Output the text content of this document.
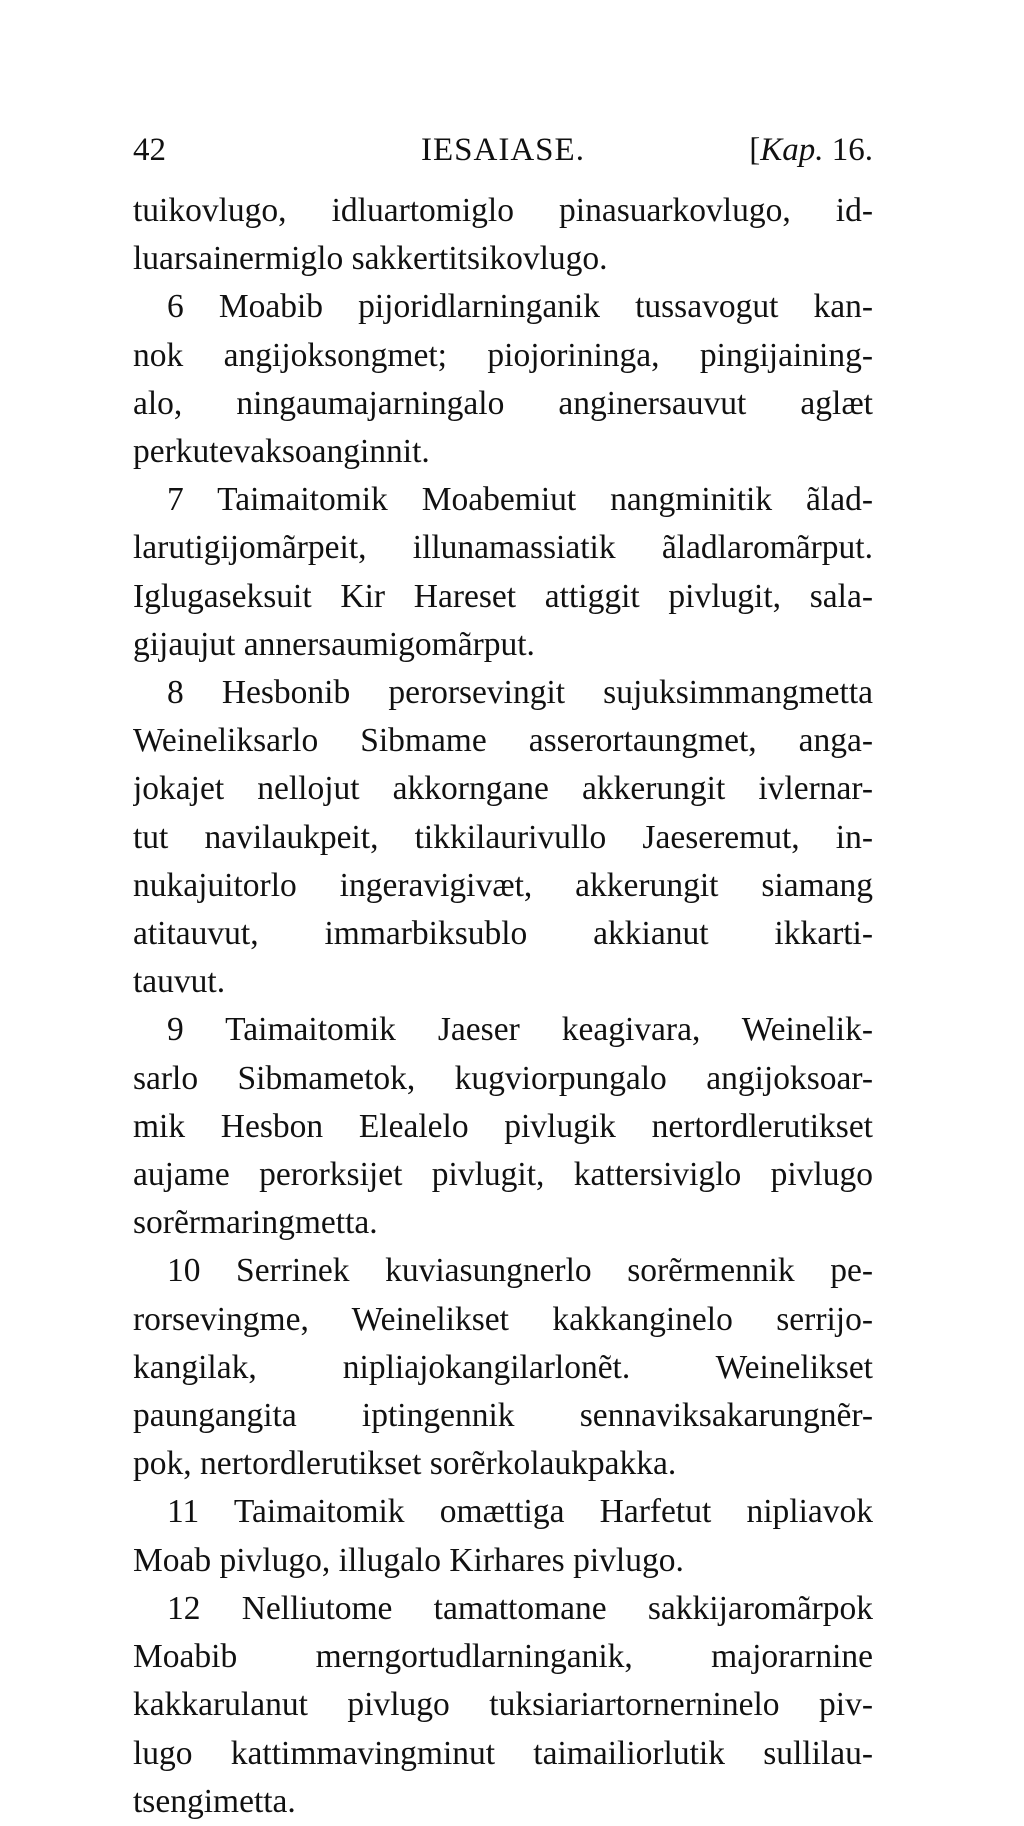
42	IESAIASE.	[Kap. 16.
tuikovlugo, idluartomiglo pinasuarkovlugo, id-
luarsainermiglo sakkertitsikovlugo.
6 Moabib pijoridlarninganik tussavogut kan-
nok angijoksongmet; piojorininga, pingijaining-
alo, ningaumajarningalo anginersauvut aglæt
perkutevaksoanginnit.
7 Taimaitomik Moabemiut nangminitik ãlad-
larutigijomãrpeit, illunamassiatik ãladlaromãrput.
Iglugaseksuit Kir Hareset attiggit pivlugit, sala-
gijaujut annersaumigomãrput.
8 Hesbonib perorsevingit sujuksimmangmetta
Weineliksarlo Sibmame asserortaungmet, anga-
jokajet nellojut akkorngane akkerungit ivlernar-
tut navilaukpeit, tikkilaurivullo Jaeseremut, in-
nukajuitorlo ingeravigivæt, akkerungit siamang
atitauvut, immarbiksublo akkianut ikkarti-
tauvut.
9 Taimaitomik Jaeser keagivara, Weinelik-
sarlo Sibmametok, kugviorpungalo angijoksoar-
mik Hesbon Elealelo pivlugik nertordlerutikset
aujame perorksijet pivlugit, kattersiviglo pivlugo
sorẽrmaringmetta.
10 Serrinek kuviasungnerlo sorẽrmennik pe-
rorsevingme, Weinelikset kakkanginelo serrijo-
kangilak, nipliajokangilarlonẽt. Weinelikset
paungangita iptingennik sennaviksakarungnẽr-
pok, nertordlerutikset sorẽrkolaukpakka.
11 Taimaitomik omættiga Harfetut nipliavok
Moab pivlugo, illugalo Kirhares pivlugo.
12 Nelliutome tamattomane sakkijaromãrpok
Moabib merngortudlarninganik, majorarnine
kakkarulanut pivlugo tuksiariartornerninelo piv-
lugo kattimmavingminut taimailiorlutik sullilau-
tsengimetta.
